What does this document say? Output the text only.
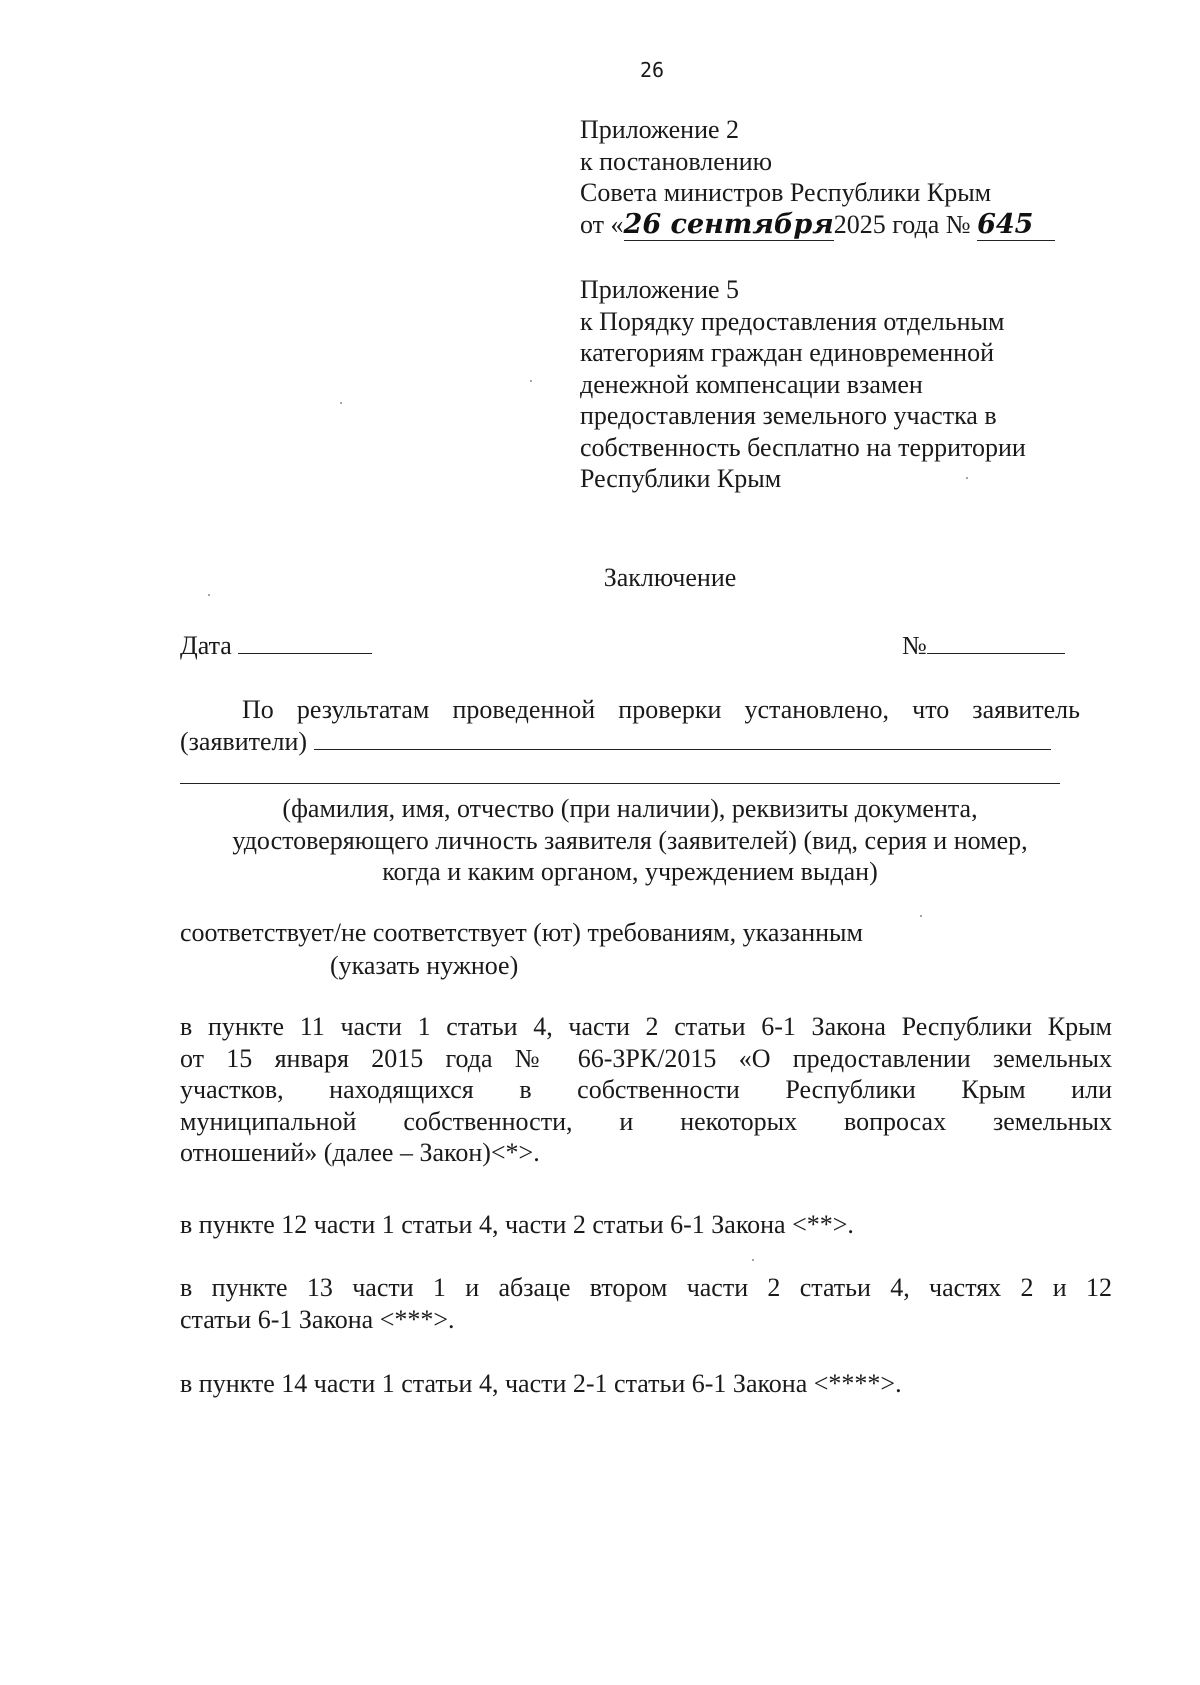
26
Приложение 2
к постановлению
Совета министров Республики Крым
от «26 сентября2025 года № 645
Приложение 5
к Порядку предоставления отдельным
категориям граждан единовременной
денежной компенсации взамен
предоставления земельного участка в
собственность бесплатно на территории
Республики Крым
Заключение
Дата	№
По результатам проведенной проверки установлено, что заявитель
(заявители)
(фамилия, имя, отчество (при наличии), реквизиты документа,
удостоверяющего личность заявителя (заявителей) (вид, серия и номер,
когда и каким органом, учреждением выдан)
соответствует/не соответствует (ют) требованиям, указанным
(указать нужное)
в пункте 11 части 1 статьи 4, части 2 статьи 6-1 Закона Республики Крым
от 15 января 2015 года № 66-ЗРК/2015 «О предоставлении земельных
участков, находящихся в собственности Республики Крым или
муниципальной собственности, и некоторых вопросах земельных
отношений» (далее – Закон)<*>.
в пункте 12 части 1 статьи 4, части 2 статьи 6-1 Закона <**>.
в пункте 13 части 1 и абзаце втором части 2 статьи 4, частях 2 и 12
статьи 6-1 Закона <***>.
в пункте 14 части 1 статьи 4, части 2-1 статьи 6-1 Закона <****>.
